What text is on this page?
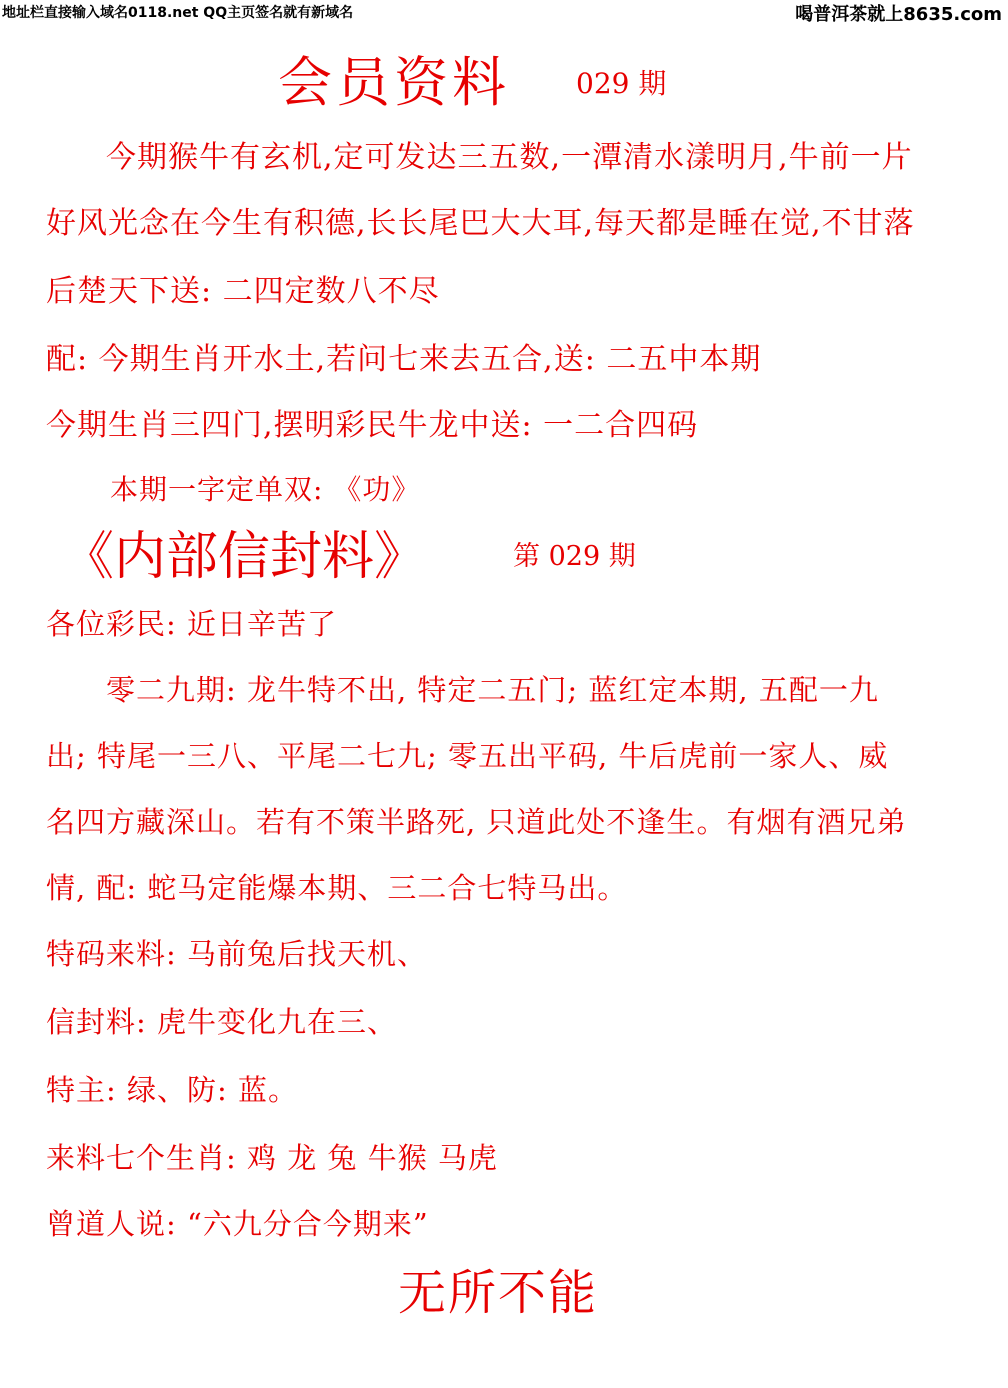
地址栏直接输入域名0118.net QQ主页签名就有新域名	喝普洱茶就上8635.com
会员资料 029 期
今期猴牛有玄机,定可发达三五数,一潭清水漾明月,牛前一片
好风光念在今生有积德,长长尾巴大大耳,每天都是睡在觉,不甘落
后楚天下送: 二四定数八不尽
配: 今期生肖开水土,若问七来去五合,送: 二五中本期
今期生肖三四门,摆明彩民牛龙中送: 一二合四码
本期一字定单双: 《功》
《内部信封料》	第 029 期
各位彩民: 近日辛苦了
零二九期: 龙牛特不出, 特定二五门; 蓝红定本期, 五配一九
出; 特尾一三八、平尾二七九; 零五出平码, 牛后虎前一家人、威
名四方藏深山。若有不策半路死, 只道此处不逢生。有烟有酒兄弟
情, 配: 蛇马定能爆本期、三二合七特马出。
特码来料: 马前兔后找天机、
信封料: 虎牛变化九在三、
特主: 绿、防: 蓝。
来料七个生肖: 鸡 龙 兔 牛猴 马虎
曾道人说: “六九分合今期来”
无所不能
